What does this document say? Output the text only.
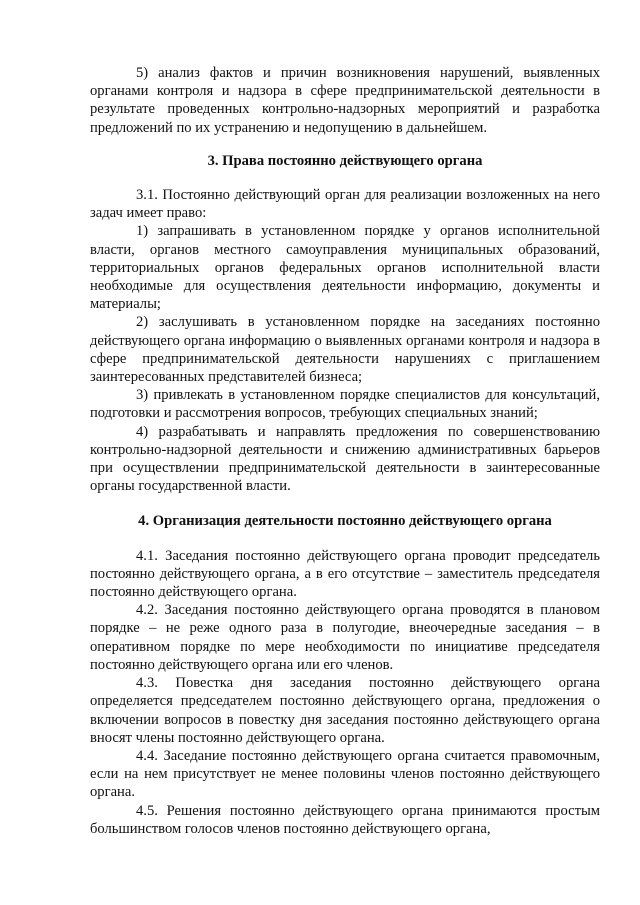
5) анализ фактов и причин возникновения нарушений, выявленных органами контроля и надзора в сфере предпринимательской деятельности в результате проведенных контрольно-надзорных мероприятий и разработка предложений по их устранению и недопущению в дальнейшем.

3. Права постоянно действующего органа

3.1. Постоянно действующий орган для реализации возложенных на него задач имеет право:

1) запрашивать в установленном порядке у органов исполнительной власти, органов местного самоуправления муниципальных образований, территориальных органов федеральных органов исполнительной власти необходимые для осуществления деятельности информацию, документы и материалы;

2) заслушивать в установленном порядке на заседаниях постоянно действующего органа информацию о выявленных органами контроля и надзора в сфере предпринимательской деятельности нарушениях с приглашением заинтересованных представителей бизнеса;

3) привлекать в установленном порядке специалистов для консультаций, подготовки и рассмотрения вопросов, требующих специальных знаний;

4) разрабатывать и направлять предложения по совершенствованию контрольно-надзорной деятельности и снижению административных барьеров при осуществлении предпринимательской деятельности в заинтересованные органы государственной власти.

4. Организация деятельности постоянно действующего органа

4.1. Заседания постоянно действующего органа проводит председатель постоянно действующего органа, а в его отсутствие – заместитель председателя постоянно действующего органа.

4.2. Заседания постоянно действующего органа проводятся в плановом порядке – не реже одного раза в полугодие, внеочередные заседания – в оперативном порядке по мере необходимости по инициативе председателя постоянно действующего органа или его членов.

4.3. Повестка дня заседания постоянно действующего органа определяется председателем постоянно действующего органа, предложения о включении вопросов в повестку дня заседания постоянно действующего органа вносят члены постоянно действующего органа.

4.4. Заседание постоянно действующего органа считается правомочным, если на нем присутствует не менее половины членов постоянно действующего органа.

4.5. Решения постоянно действующего органа принимаются простым большинством голосов членов постоянно действующего органа,
